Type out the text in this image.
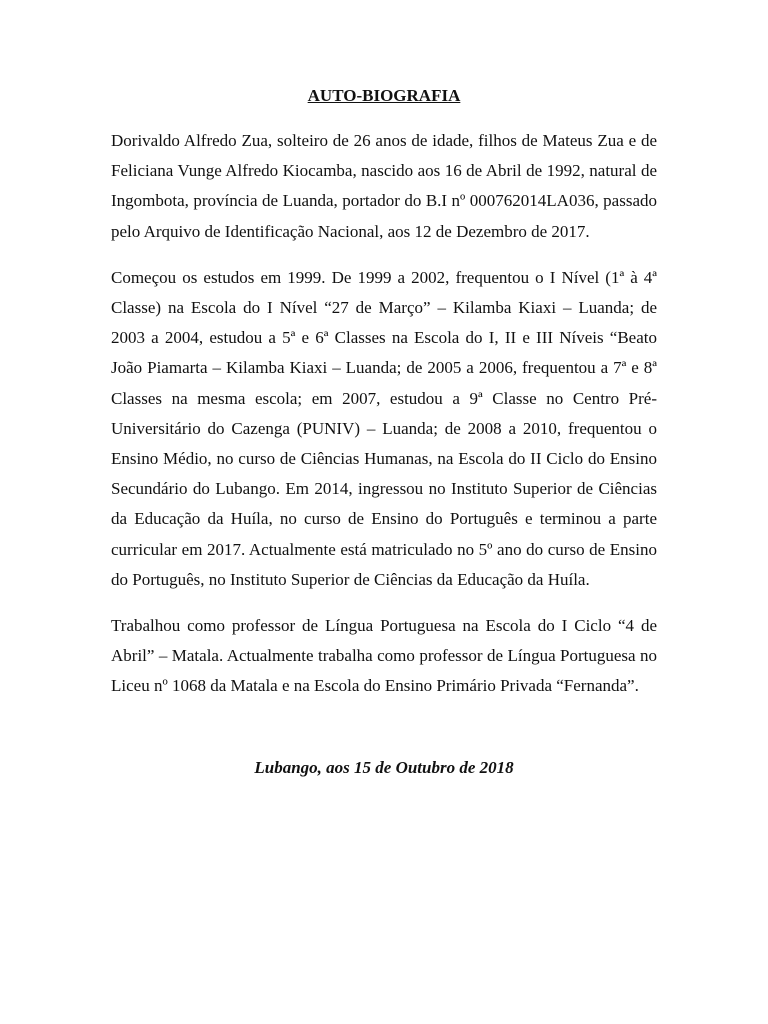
AUTO-BIOGRAFIA

Dorivaldo Alfredo Zua, solteiro de 26 anos de idade, filhos de Mateus Zua e de Feliciana Vunge Alfredo Kiocamba, nascido aos 16 de Abril de 1992, natural de Ingombota, província de Luanda, portador do B.I nº 000762014LA036, passado pelo Arquivo de Identificação Nacional, aos 12 de Dezembro de 2017.

Começou os estudos em 1999. De 1999 a 2002, frequentou o I Nível (1ª à 4ª Classe) na Escola do I Nível “27 de Março” – Kilamba Kiaxi – Luanda; de 2003 a 2004, estudou a 5ª e 6ª Classes na Escola do I, II e III Níveis “Beato João Piamarta – Kilamba Kiaxi – Luanda; de 2005 a 2006, frequentou a 7ª e 8ª Classes na mesma escola; em 2007, estudou a 9ª Classe no Centro Pré-Universitário do Cazenga (PUNIV) – Luanda; de 2008 a 2010, frequentou o Ensino Médio, no curso de Ciências Humanas, na Escola do II Ciclo do Ensino Secundário do Lubango. Em 2014, ingressou no Instituto Superior de Ciências da Educação da Huíla, no curso de Ensino do Português e terminou a parte curricular em 2017. Actualmente está matriculado no 5º ano do curso de Ensino do Português, no Instituto Superior de Ciências da Educação da Huíla.

Trabalhou como professor de Língua Portuguesa na Escola do I Ciclo “4 de Abril” – Matala. Actualmente trabalha como professor de Língua Portuguesa no Liceu nº 1068 da Matala e na Escola do Ensino Primário Privada “Fernanda”.

Lubango, aos 15 de Outubro de 2018
